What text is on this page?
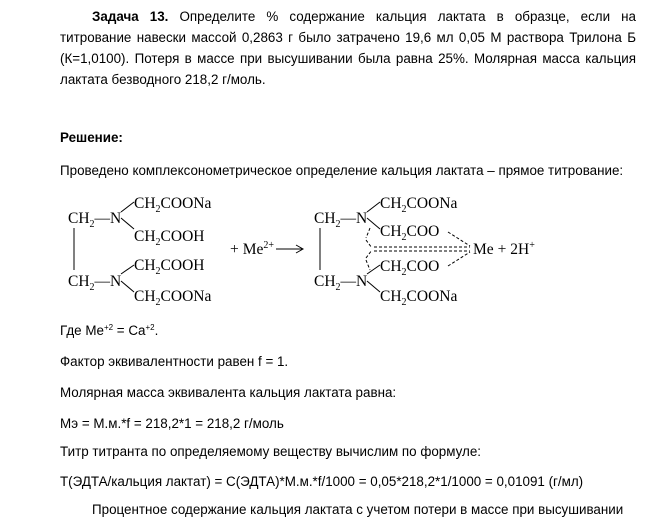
Задача 13. Определите % содержание кальция лактата в образце, если на титрование навески массой 0,2863 г было затрачено 19,6 мл 0,05 М раствора Трилона Б (К=1,0100). Потеря в массе при высушивании была равна 25%. Молярная масса кальция лактата безводного 218,2 г/моль.

Решение:

Проведено комплексонометрическое определение кальция лактата – прямое титрование:

$CH_2—N$
$CH_2COONa$
$CH_2COOH$
$CH_2—N$
$CH_2COOH$
$CH_2COONa$
+ $Me^{2+}$
$CH_2—N$
$CH_2COONa$
$CH_2COO$
$CH_2—N$
$CH_2COO$
$CH_2COONa$
Me + 2H+

Где $Me^{+2} = Ca^{+2}$.

Фактор эквивалентности равен f = 1.

Молярная масса эквивалента кальция лактата равна:

Мэ = М.м.*f = 218,2*1 = 218,2 г/моль

Титр титранта по определяемому веществу вычислим по формуле:

Т(ЭДТА/кальция лактат) = С(ЭДТА)*М.м.*f/1000 = 0,05*218,2*1/1000 = 0,01091 (г/мл)

Процентное содержание кальция лактата с учетом потери в массе при высушивании
